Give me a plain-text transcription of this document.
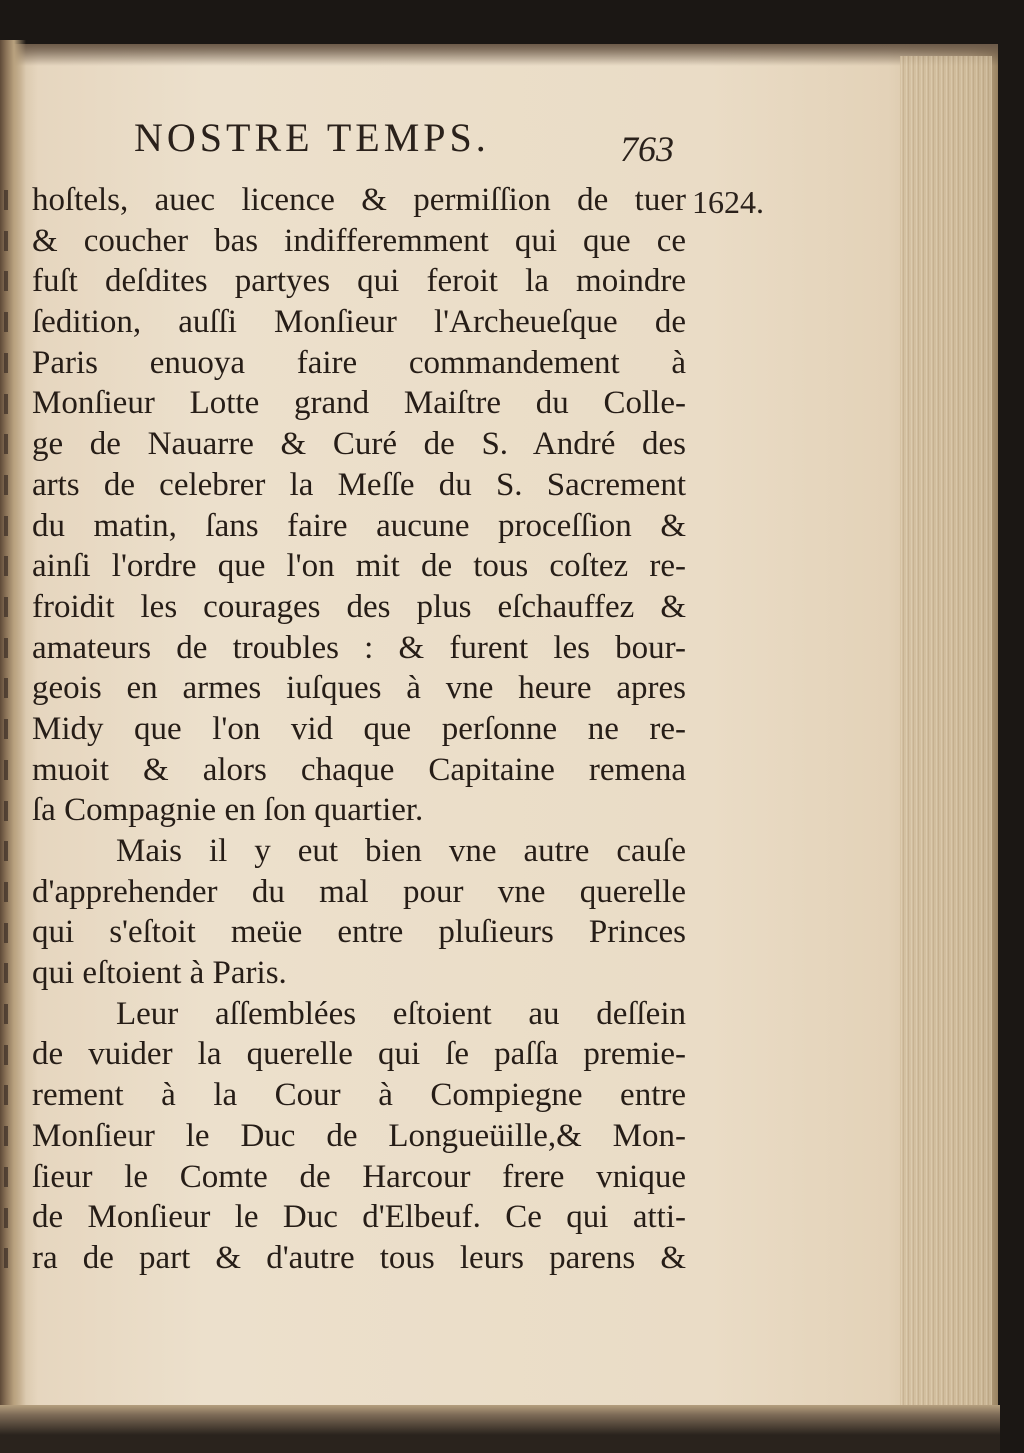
NOSTRE TEMPS.	763
1624.
hoſtels, auec licence & permiſſion de tuer
& coucher bas indifferemment qui que ce
fuſt deſdites partyes qui feroit la moindre
ſedition, auſſi Monſieur l'Archeueſque de
Paris enuoya faire commandement à
Monſieur Lotte grand Maiſtre du Colle-
ge de Nauarre & Curé de S. André des
arts de celebrer la Meſſe du S. Sacrement
du matin, ſans faire aucune proceſſion &
ainſi l'ordre que l'on mit de tous coſtez re-
froidit les courages des plus eſchauffez &
amateurs de troubles : & furent les bour-
geois en armes iuſques à vne heure apres
Midy que l'on vid que perſonne ne re-
muoit & alors chaque Capitaine remena
ſa Compagnie en ſon quartier.
Mais il y eut bien vne autre cauſe
d'apprehender du mal pour vne querelle
qui s'eſtoit meüe entre pluſieurs Princes
qui eſtoient à Paris.
Leur aſſemblées eſtoient au deſſein
de vuider la querelle qui ſe paſſa premie-
rement à la Cour à Compiegne entre
Monſieur le Duc de Longueüille,& Mon-
ſieur le Comte de Harcour frere vnique
de Monſieur le Duc d'Elbeuf. Ce qui atti-
ra de part & d'autre tous leurs parens &
